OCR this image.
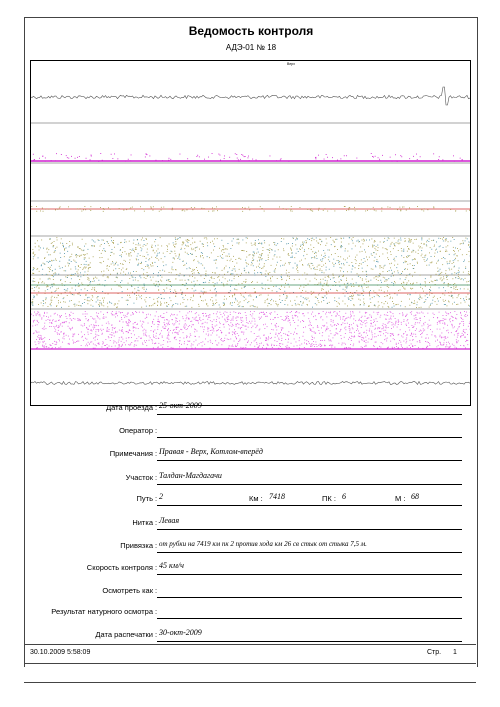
Ведомость контроля
АДЭ-01 № 18
Верх
Дата проезда : 25-окт-2009
Оператор :
Примечания : Правая - Верх, Котлом-вперёд
Участок : Талдан-Магдагачи
Путь : 2	Км : 7418	ПК : 6	М : 68
Нитка : Левая
Привязка : от рубки на 7419 км пк 2 против хода км 26 св стык от стыка 7,5 м.
Скорость контроля : 45 км/ч
Осмотреть как :
Результат натурного осмотра :
Дата распечатки : 30-окт-2009
30.10.2009 5:58:09	Стр. 1
